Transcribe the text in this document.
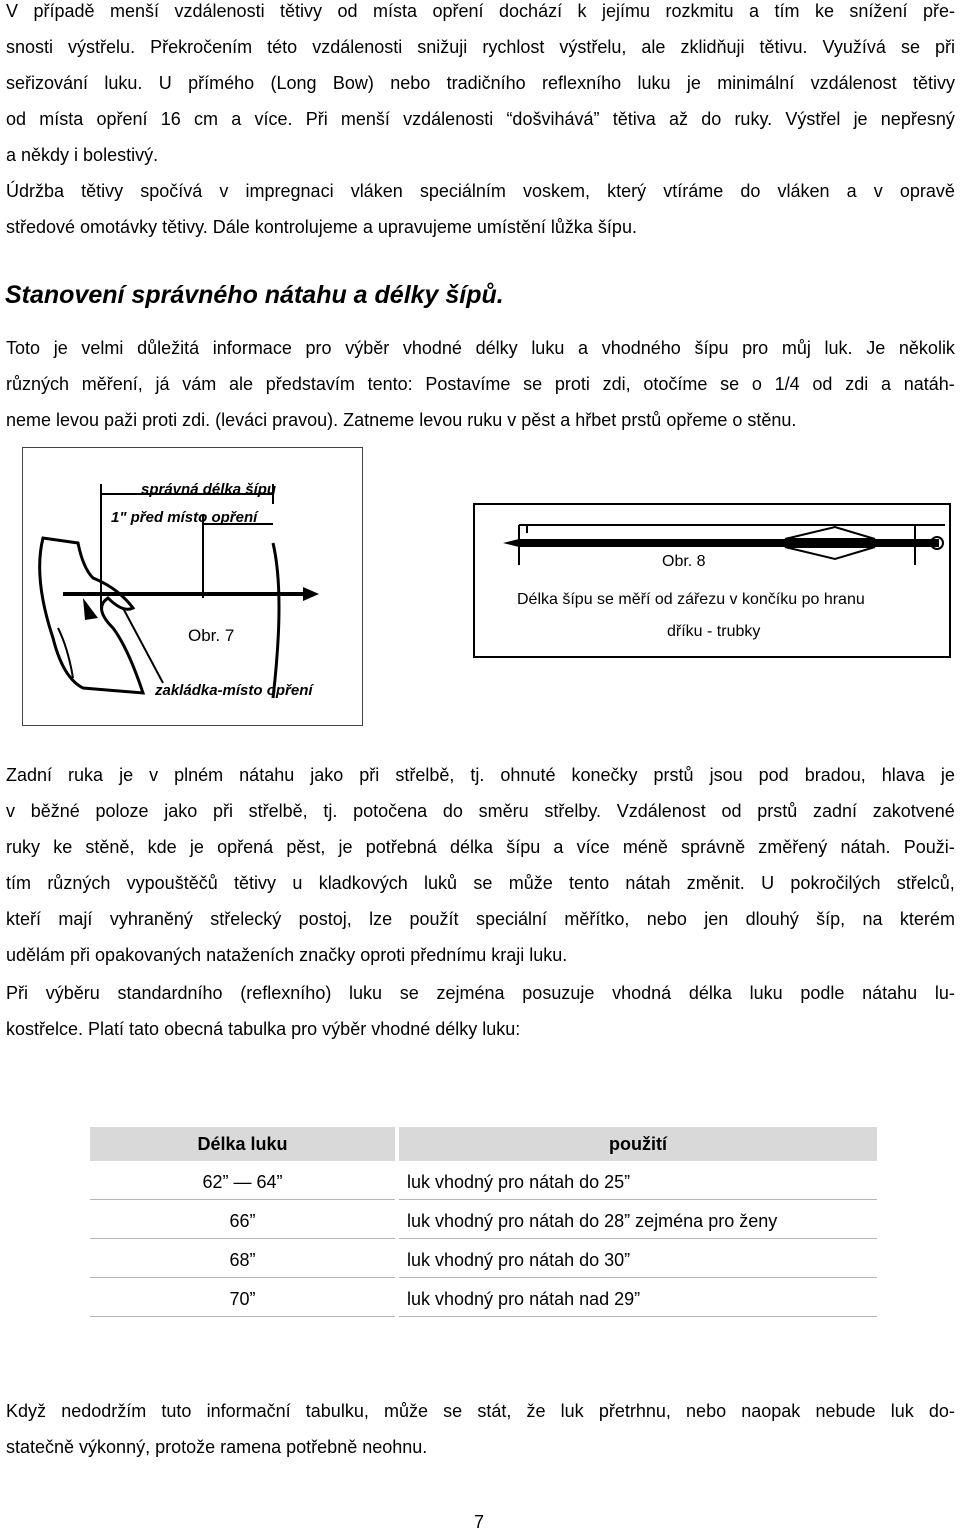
V případě menší vzdálenosti tětivy od místa opření dochází k jejímu rozkmitu a tím ke snížení pře-
snosti výstřelu. Překročením této vzdálenosti snižuji rychlost výstřelu, ale zklidňuji tětivu. Využívá se při
seřizování luku. U přímého (Long Bow) nebo tradičního reflexního luku je minimální vzdálenost tětivy
od místa opření 16 cm a více. Při menší vzdálenosti “došvihává” tětiva až do ruky. Výstřel je nepřesný
a někdy i bolestivý.
Údržba tětivy spočívá v impregnaci vláken speciálním voskem, který vtíráme do vláken a v opravě
středové omotávky tětivy. Dále kontrolujeme a upravujeme umístění lůžka šípu.
Stanovení správného nátahu a délky šípů.
Toto je velmi důležitá informace pro výběr vhodné délky luku a vhodného šípu pro můj luk. Je několik
různých měření, já vám ale představím tento: Postavíme se proti zdi, otočíme se o 1/4 od zdi a natáh-
neme levou paži proti zdi. (leváci pravou). Zatneme levou ruku v pěst a hřbet prstů opřeme o stěnu.
správná délka šípu
1" před místo opření
Obr. 7
zakládka-místo opření
Obr. 8
Délka šípu se měří od zářezu v končíku po hranu
dříku - trubky
Zadní ruka je v plném nátahu jako při střelbě, tj. ohnuté konečky prstů jsou pod bradou, hlava je
v běžné poloze jako při střelbě, tj. potočena do směru střelby. Vzdálenost od prstů zadní zakotvené
ruky ke stěně, kde je opřená pěst, je potřebná délka šípu a více méně správně změřený nátah. Použi-
tím různých vypouštěčů tětivy u kladkových luků se může tento nátah změnit. U pokročilých střelců,
kteří mají vyhraněný střelecký postoj, lze použít speciální měřítko, nebo jen dlouhý šíp, na kterém
udělám při opakovaných nataženích značky oproti přednímu kraji luku.
Při výběru standardního (reflexního) luku se zejména posuzuje vhodná délka luku podle nátahu lu-
kostřelce. Platí tato obecná tabulka pro výběr vhodné délky luku:
Délka luku	použití
62” — 64”	luk vhodný pro nátah do 25”
66”	luk vhodný pro nátah do 28” zejména pro ženy
68”	luk vhodný pro nátah do 30”
70”	luk vhodný pro nátah nad 29”
Když nedodržím tuto informační tabulku, může se stát, že luk přetrhnu, nebo naopak nebude luk do-
statečně výkonný, protože ramena potřebně neohnu.
7
